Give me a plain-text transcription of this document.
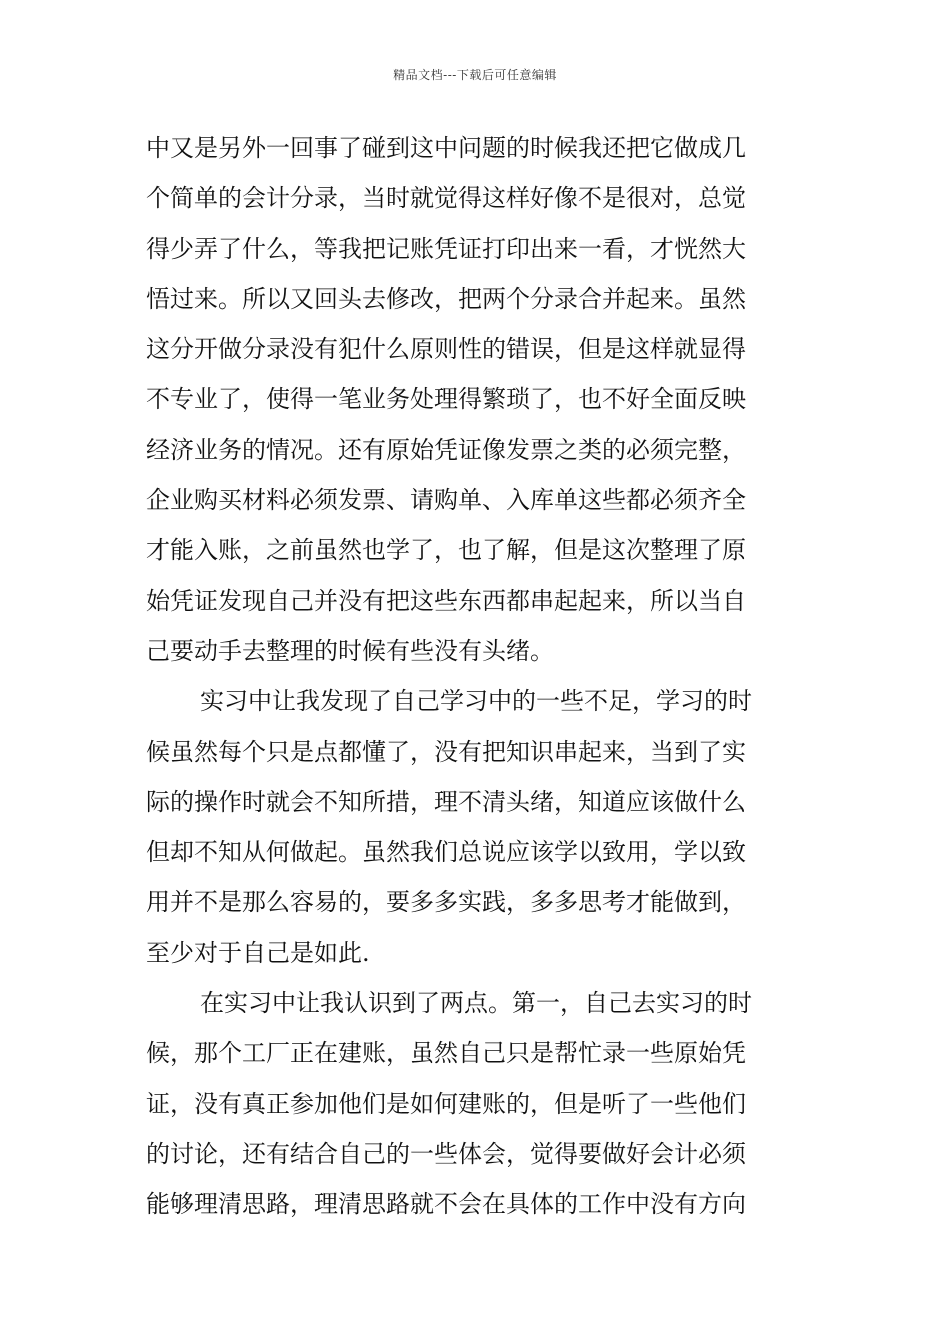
精品文档---下载后可任意编辑
中又是另外一回事了碰到这中问题的时候我还把它做成几
个简单的会计分录，当时就觉得这样好像不是很对，总觉
得少弄了什么，等我把记账凭证打印出来一看，才恍然大
悟过来。所以又回头去修改，把两个分录合并起来。虽然
这分开做分录没有犯什么原则性的错误，但是这样就显得
不专业了，使得一笔业务处理得繁琐了，也不好全面反映
经济业务的情况。还有原始凭证像发票之类的必须完整，
企业购买材料必须发票、请购单、入库单这些都必须齐全
才能入账，之前虽然也学了，也了解，但是这次整理了原
始凭证发现自己并没有把这些东西都串起起来，所以当自
己要动手去整理的时候有些没有头绪。
实习中让我发现了自己学习中的一些不足，学习的时
候虽然每个只是点都懂了，没有把知识串起来，当到了实
际的操作时就会不知所措，理不清头绪，知道应该做什么
但却不知从何做起。虽然我们总说应该学以致用，学以致
用并不是那么容易的，要多多实践，多多思考才能做到，
至少对于自己是如此.
在实习中让我认识到了两点。第一，自己去实习的时
候，那个工厂正在建账，虽然自己只是帮忙录一些原始凭
证，没有真正参加他们是如何建账的，但是听了一些他们
的讨论，还有结合自己的一些体会，觉得要做好会计必须
能够理清思路，理清思路就不会在具体的工作中没有方向
